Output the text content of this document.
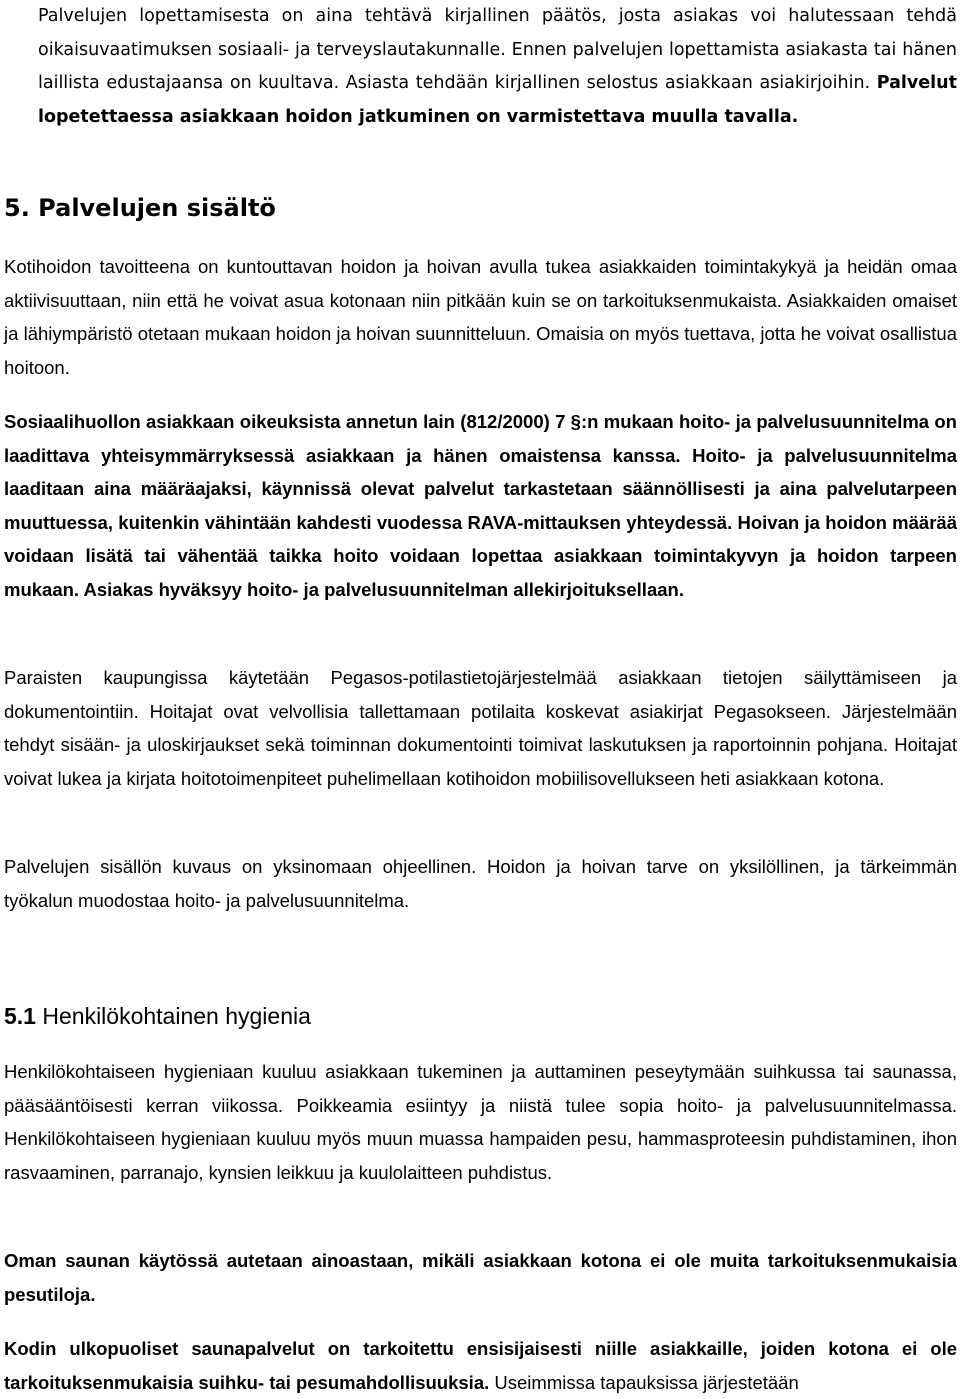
Palvelujen lopettamisesta on aina tehtävä kirjallinen päätös, josta asiakas voi halutessaan tehdä oikaisuvaatimuksen sosiaali- ja terveyslautakunnalle. Ennen palvelujen lopettamista asiakasta tai hänen laillista edustajaansa on kuultava. Asiasta tehdään kirjallinen selostus asiakkaan asiakirjoihin. Palvelut lopetettaessa asiakkaan hoidon jatkuminen on varmistettava muulla tavalla.

5. Palvelujen sisältö

Kotihoidon tavoitteena on kuntouttavan hoidon ja hoivan avulla tukea asiakkaiden toimintakykyä ja heidän omaa aktiivisuuttaan, niin että he voivat asua kotonaan niin pitkään kuin se on tarkoituksenmukaista. Asiakkaiden omaiset ja lähiympäristö otetaan mukaan hoidon ja hoivan suunnitteluun. Omaisia on myös tuettava, jotta he voivat osallistua hoitoon.

Sosiaalihuollon asiakkaan oikeuksista annetun lain (812/2000) 7 §:n mukaan hoito- ja palvelusuunnitelma on laadittava yhteisymmärryksessä asiakkaan ja hänen omaistensa kanssa. Hoito- ja palvelusuunnitelma laaditaan aina määräajaksi, käynnissä olevat palvelut tarkastetaan säännöllisesti ja aina palvelutarpeen muuttuessa, kuitenkin vähintään kahdesti vuodessa RAVA-mittauksen yhteydessä. Hoivan ja hoidon määrää voidaan lisätä tai vähentää taikka hoito voidaan lopettaa asiakkaan toimintakyvyn ja hoidon tarpeen mukaan. Asiakas hyväksyy hoito- ja palvelusuunnitelman allekirjoituksellaan.

Paraisten kaupungissa käytetään Pegasos-potilastietojärjestelmää asiakkaan tietojen säilyttämiseen ja dokumentointiin. Hoitajat ovat velvollisia tallettamaan potilaita koskevat asiakirjat Pegasokseen. Järjestelmään tehdyt sisään- ja uloskirjaukset sekä toiminnan dokumentointi toimivat laskutuksen ja raportoinnin pohjana. Hoitajat voivat lukea ja kirjata hoitotoimenpiteet puhelimellaan kotihoidon mobiilisovellukseen heti asiakkaan kotona.

Palvelujen sisällön kuvaus on yksinomaan ohjeellinen. Hoidon ja hoivan tarve on yksilöllinen, ja tärkeimmän työkalun muodostaa hoito- ja palvelusuunnitelma.

5.1 Henkilökohtainen hygienia

Henkilökohtaiseen hygieniaan kuuluu asiakkaan tukeminen ja auttaminen peseytymään suihkussa tai saunassa, pääsääntöisesti kerran viikossa. Poikkeamia esiintyy ja niistä tulee sopia hoito- ja palvelusuunnitelmassa. Henkilökohtaiseen hygieniaan kuuluu myös muun muassa hampaiden pesu, hammasproteesin puhdistaminen, ihon rasvaaminen, parranajo, kynsien leikkuu ja kuulolaitteen puhdistus.

Oman saunan käytössä autetaan ainoastaan, mikäli asiakkaan kotona ei ole muita tarkoituksenmukaisia pesutiloja.

Kodin ulkopuoliset saunapalvelut on tarkoitettu ensisijaisesti niille asiakkaille, joiden kotona ei ole tarkoituksenmukaisia suihku- tai pesumahdollisuuksia. Useimmissa tapauksissa järjestetään
